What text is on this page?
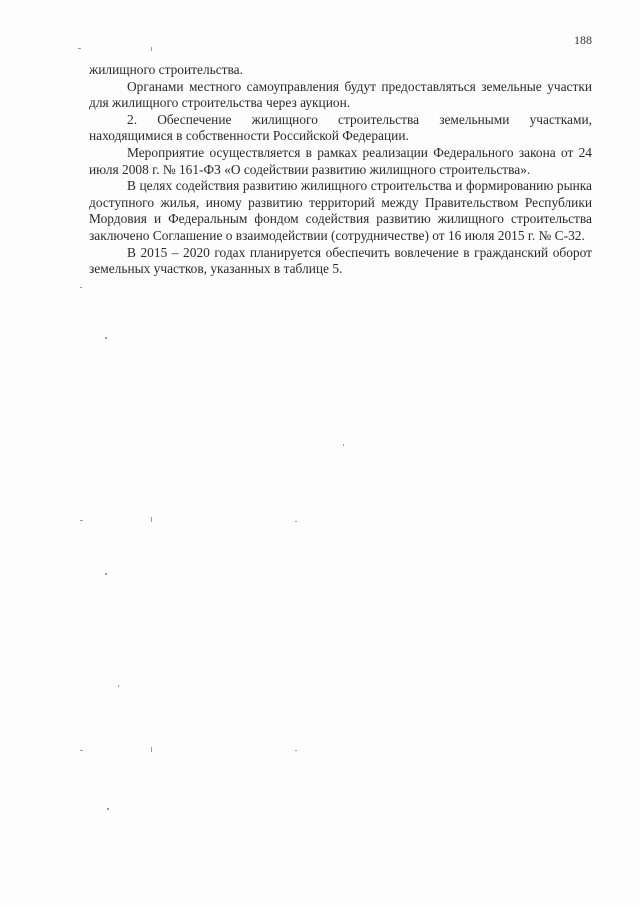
188

жилищного строительства.

Органами местного самоуправления будут предоставляться земельные участки для жилищного строительства через аукцион.

2. Обеспечение жилищного строительства земельными участками, находящимися в собственности Российской Федерации.

Мероприятие осуществляется в рамках реализации Федерального закона от 24 июля 2008 г. № 161-ФЗ «О содействии развитию жилищного строительства».

В целях содействия развитию жилищного строительства и формированию рынка доступного жилья, иному развитию территорий между Правительством Республики Мордовия и Федеральным фондом содействия развитию жилищного строительства заключено Соглашение о взаимодействии (сотрудничестве) от 16 июля 2015 г. № С-32.

В 2015 – 2020 годах планируется обеспечить вовлечение в гражданский оборот земельных участков, указанных в таблице 5.
